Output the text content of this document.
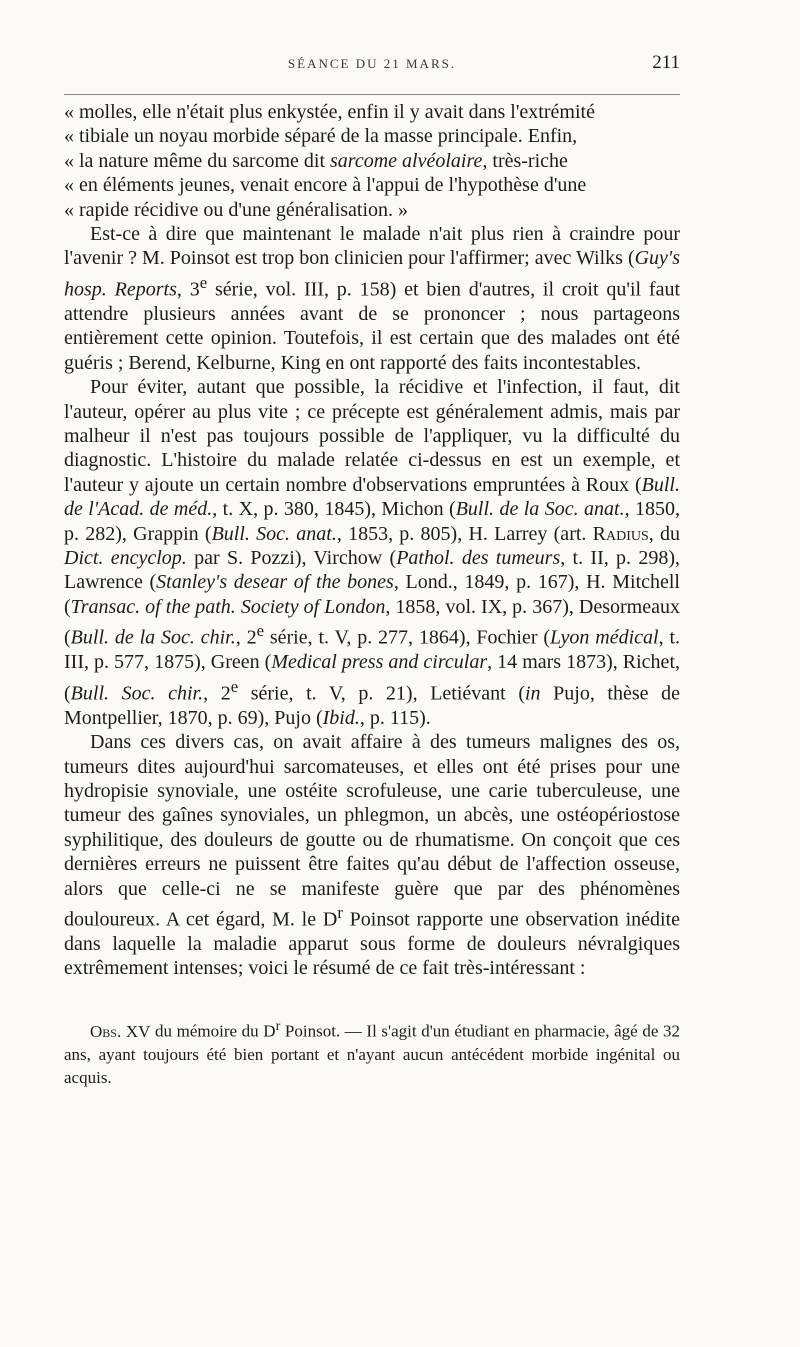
SÉANCE DU 21 MARS.	211

« molles, elle n'était plus enkystée, enfin il y avait dans l'extrémité
« tibiale un noyau morbide séparé de la masse principale. Enfin,
« la nature même du sarcome dit sarcome alvéolaire, très-riche
« en éléments jeunes, venait encore à l'appui de l'hypothèse d'une
« rapide récidive ou d'une généralisation. »

Est-ce à dire que maintenant le malade n'ait plus rien à craindre pour l'avenir ? M. Poinsot est trop bon clinicien pour l'affirmer; avec Wilks (Guy's hosp. Reports, 3e série, vol. III, p. 158) et bien d'autres, il croit qu'il faut attendre plusieurs années avant de se prononcer ; nous partageons entièrement cette opinion. Toutefois, il est certain que des malades ont été guéris ; Berend, Kelburne, King en ont rapporté des faits incontestables.

Pour éviter, autant que possible, la récidive et l'infection, il faut, dit l'auteur, opérer au plus vite ; ce précepte est généralement admis, mais par malheur il n'est pas toujours possible de l'appliquer, vu la difficulté du diagnostic. L'histoire du malade relatée ci-dessus en est un exemple, et l'auteur y ajoute un certain nombre d'observations empruntées à Roux (Bull. de l'Acad. de méd., t. X, p. 380, 1845), Michon (Bull. de la Soc. anat., 1850, p. 282), Grappin (Bull. Soc. anat., 1853, p. 805), H. Larrey (art. Radius, du Dict. encyclop. par S. Pozzi), Virchow (Pathol. des tumeurs, t. II, p. 298), Lawrence (Stanley's desear of the bones, Lond., 1849, p. 167), H. Mitchell (Transac. of the path. Society of London, 1858, vol. IX, p. 367), Desormeaux (Bull. de la Soc. chir., 2e série, t. V, p. 277, 1864), Fochier (Lyon médical, t. III, p. 577, 1875), Green (Medical press and circular, 14 mars 1873), Richet, (Bull. Soc. chir., 2e série, t. V, p. 21), Letiévant (in Pujo, thèse de Montpellier, 1870, p. 69), Pujo (Ibid., p. 115).

Dans ces divers cas, on avait affaire à des tumeurs malignes des os, tumeurs dites aujourd'hui sarcomateuses, et elles ont été prises pour une hydropisie synoviale, une ostéite scrofuleuse, une carie tuberculeuse, une tumeur des gaînes synoviales, un phlegmon, un abcès, une ostéopériostose syphilitique, des douleurs de goutte ou de rhumatisme. On conçoit que ces dernières erreurs ne puissent être faites qu'au début de l'affection osseuse, alors que celle-ci ne se manifeste guère que par des phénomènes douloureux. A cet égard, M. le $D^r$ Poinsot rapporte une observation inédite dans laquelle la maladie apparut sous forme de douleurs névralgiques extrêmement intenses; voici le résumé de ce fait très-intéressant :

Obs. XV du mémoire du $D^r$ Poinsot. — Il s'agit d'un étudiant en pharmacie, âgé de 32 ans, ayant toujours été bien portant et n'ayant aucun antécédent morbide ingénital ou acquis.
